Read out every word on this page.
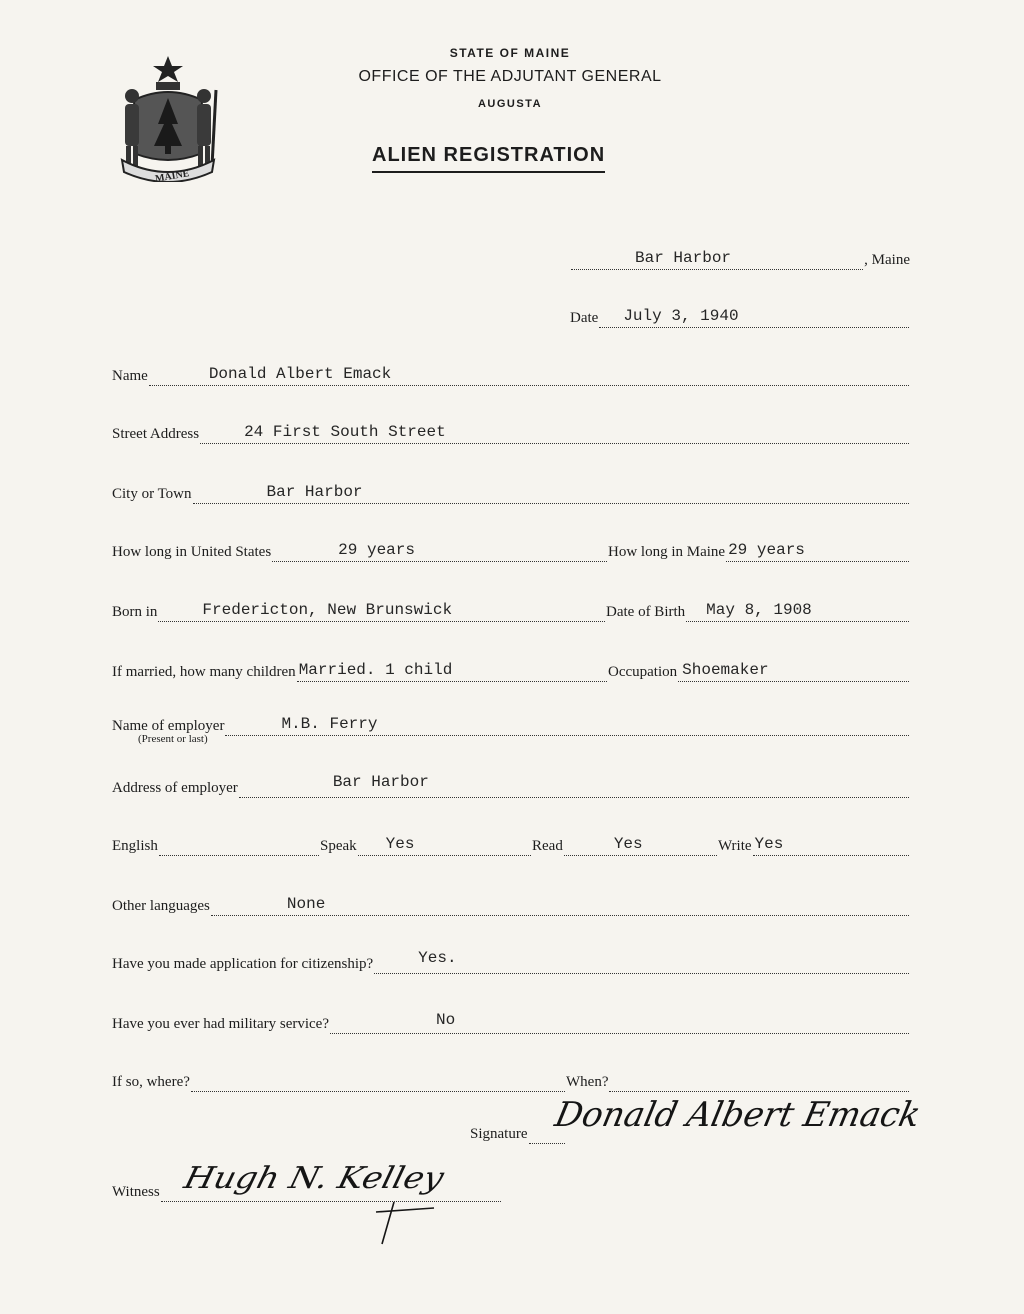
MAINE
STATE OF MAINE
OFFICE OF THE ADJUTANT GENERAL
AUGUSTA
ALIEN REGISTRATION
Bar Harbor	, Maine
Date July 3, 1940
Name	Donald Albert Emack
Street Address	24 First South Street
City or Town	Bar Harbor
How long in United States	29 years	How long in Maine 29 years
Born in	Fredericton, New Brunswick	Date of Birth May 8, 1908
If married, how many children Married. 1 child	Occupation Shoemaker
Name of employer	M.B. Ferry
(Present or last)
Address of employer	Bar Harbor
English	Speak Yes	Read	Yes	Write Yes
Other languages	None
Have you made application for citizenship?	Yes.
Have you ever had military service?	No
If so, where?	When?
Signature Donald Albert Emack
Witness Hugh N. Kelley
